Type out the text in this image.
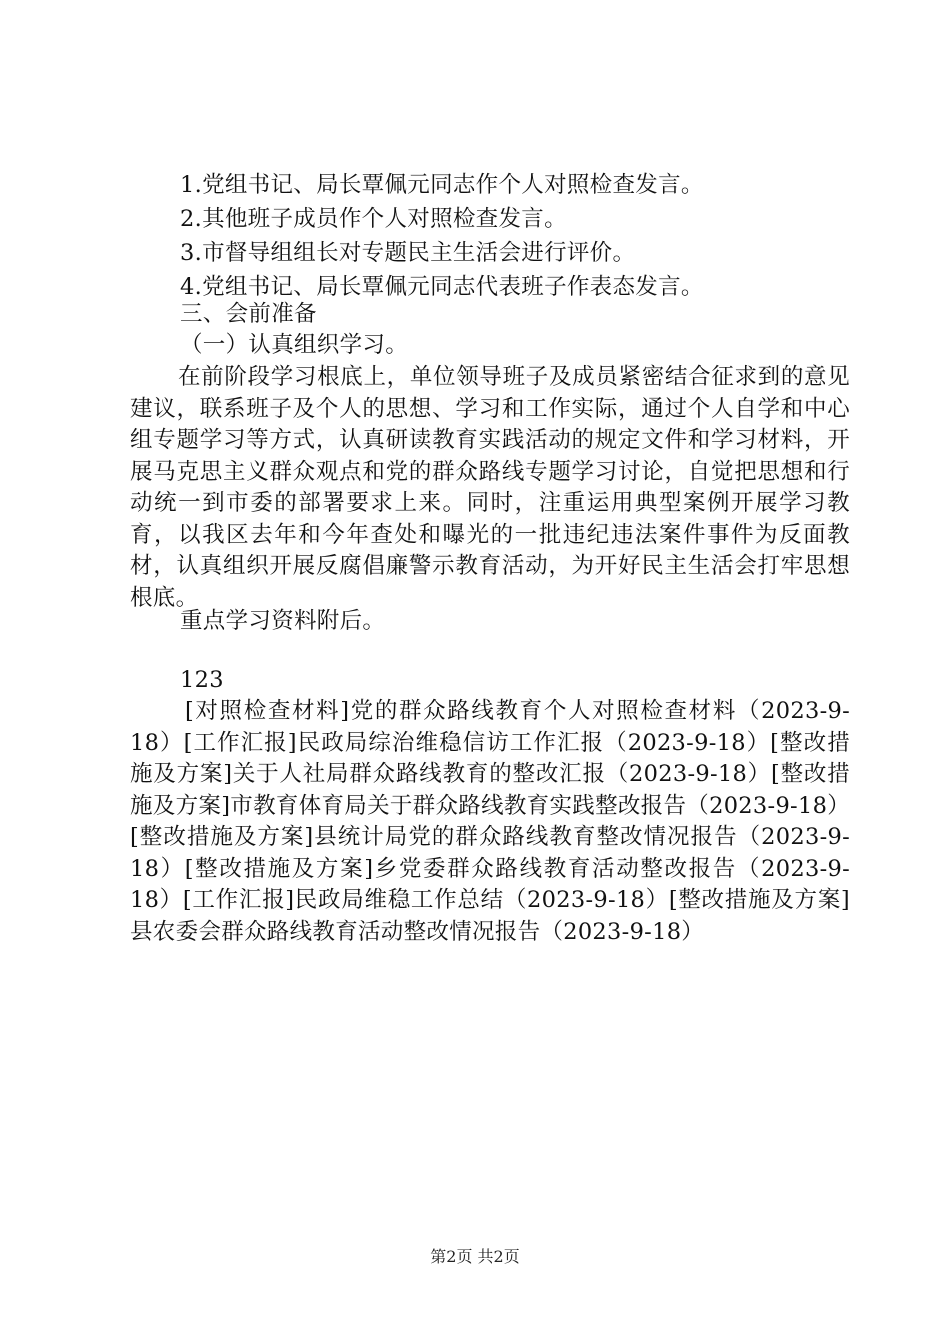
1.党组书记、局长覃佩元同志作个人对照检查发言。
2.其他班子成员作个人对照检查发言。
3.市督导组组长对专题民主生活会进行评价。
4.党组书记、局长覃佩元同志代表班子作表态发言。
三、会前准备
（一）认真组织学习。
在前阶段学习根底上，单位领导班子及成员紧密结合征求到的意见建议，联系班子及个人的思想、学习和工作实际，通过个人自学和中心组专题学习等方式，认真研读教育实践活动的规定文件和学习材料，开展马克思主义群众观点和党的群众路线专题学习讨论，自觉把思想和行动统一到市委的部署要求上来。同时，注重运用典型案例开展学习教育，以我区去年和今年查处和曝光的一批违纪违法案件事件为反面教材，认真组织开展反腐倡廉警示教育活动，为开好民主生活会打牢思想根底。
重点学习资料附后。
123
[对照检查材料]党的群众路线教育个人对照检查材料（2023-9-18）[工作汇报]民政局综治维稳信访工作汇报（2023-9-18）[整改措施及方案]关于人社局群众路线教育的整改汇报（2023-9-18）[整改措施及方案]市教育体育局关于群众路线教育实践整改报告（2023-9-18）[整改措施及方案]县统计局党的群众路线教育整改情况报告（2023-9-18）[整改措施及方案]乡党委群众路线教育活动整改报告（2023-9-18）[工作汇报]民政局维稳工作总结（2023-9-18）[整改措施及方案]县农委会群众路线教育活动整改情况报告（2023-9-18）
第2页 共2页
